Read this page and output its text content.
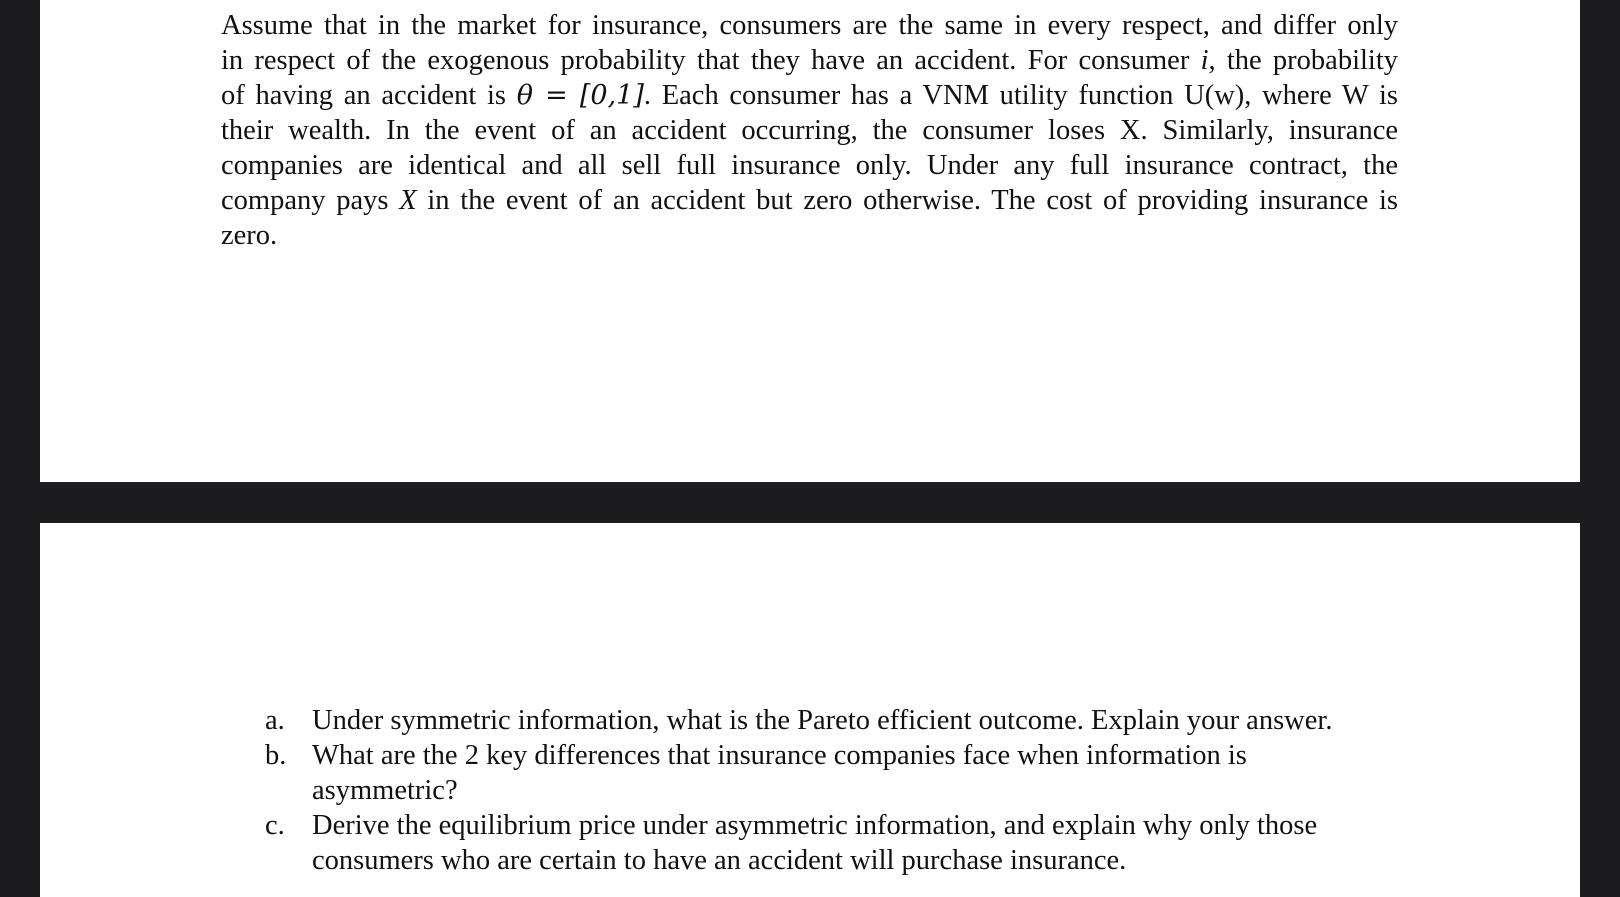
Assume that in the market for insurance, consumers are the same in every respect, and differ only
in respect of the exogenous probability that they have an accident. For consumer i, the probability
of having an accident is θ = [0,1]. Each consumer has a VNM utility function U(w), where W is
their wealth. In the event of an accident occurring, the consumer loses X. Similarly, insurance
companies are identical and all sell full insurance only. Under any full insurance contract, the
company pays X in the event of an accident but zero otherwise. The cost of providing insurance is
zero.

a. Under symmetric information, what is the Pareto efficient outcome. Explain your answer.
b. What are the 2 key differences that insurance companies face when information is
asymmetric?
c. Derive the equilibrium price under asymmetric information, and explain why only those
consumers who are certain to have an accident will purchase insurance.
